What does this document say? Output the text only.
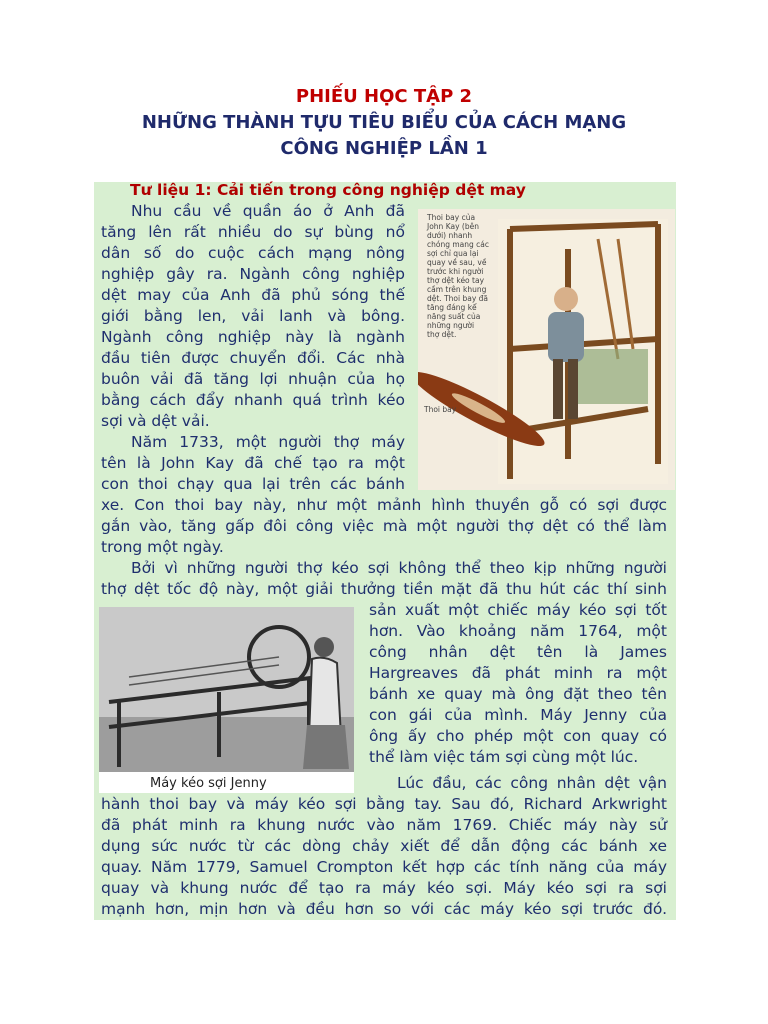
PHIẾU HỌC TẬP 2
NHỮNG THÀNH TỰU TIÊU BIỂU CỦA CÁCH MẠNG
CÔNG NGHIỆP LẦN 1
Tư liệu 1: Cải tiến trong công nghiệp dệt may
Thoi bay của
John Kay (bên
dưới) nhanh
chóng mang các
sợi chỉ qua lại
quay về sau, về
trước khi người
thợ dệt kéo tay
cầm trên khung
dệt. Thoi bay đã
tăng đáng kể
năng suất của
những người
thợ dệt.
Thoi bay
Nhu cầu về quần áo ở Anh đã
tăng lên rất nhiều do sự bùng nổ
dân số do cuộc cách mạng nông
nghiệp gây ra. Ngành công nghiệp
dệt may của Anh đã phủ sóng thế
giới bằng len, vải lanh và bông.
Ngành công nghiệp này là ngành
đầu tiên được chuyển đổi. Các nhà
buôn vải đã tăng lợi nhuận của họ
bằng cách đẩy nhanh quá trình kéo
sợi và dệt vải.
Năm 1733, một người thợ máy
tên là John Kay đã chế tạo ra một
con thoi chạy qua lại trên các bánh
xe. Con thoi bay này, như một mảnh hình thuyền gỗ có sợi được
gắn vào, tăng gấp đôi công việc mà một người thợ dệt có thể làm
trong một ngày.
Bởi vì những người thợ kéo sợi không thể theo kịp những người
thợ dệt tốc độ này, một giải thưởng tiền mặt đã thu hút các thí sinh
Máy kéo sợi Jenny
sản xuất một chiếc máy kéo sợi tốt
hơn. Vào khoảng năm 1764, một
công nhân dệt tên là James
Hargreaves đã phát minh ra một
bánh xe quay mà ông đặt theo tên
con gái của mình. Máy Jenny của
ông ấy cho phép một con quay có
thể làm việc tám sợi cùng một lúc.
Lúc đầu, các công nhân dệt vận
hành thoi bay và máy kéo sợi bằng tay. Sau đó, Richard Arkwright
đã phát minh ra khung nước vào năm 1769. Chiếc máy này sử
dụng sức nước từ các dòng chảy xiết để dẫn động các bánh xe
quay. Năm 1779, Samuel Crompton kết hợp các tính năng của máy
quay và khung nước để tạo ra máy kéo sợi. Máy kéo sợi ra sợi
mạnh hơn, mịn hơn và đều hơn so với các máy kéo sợi trước đó.
